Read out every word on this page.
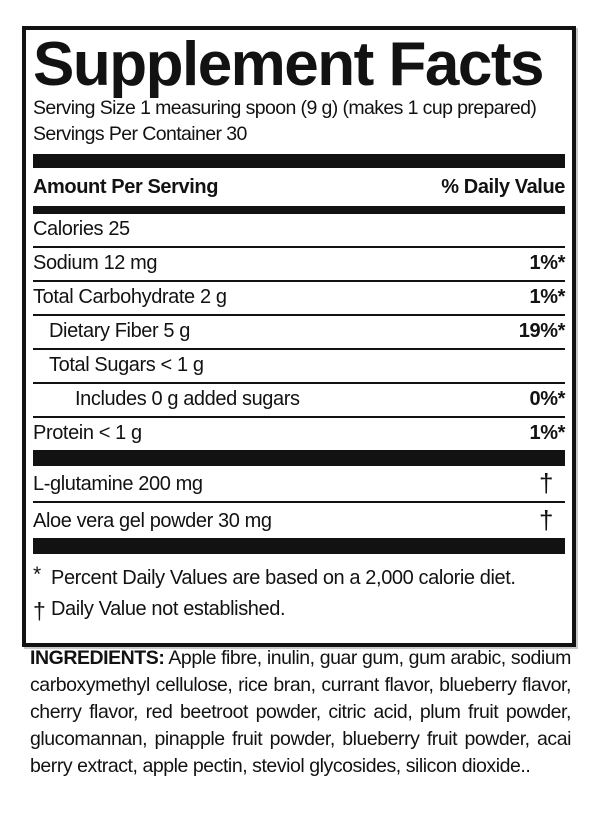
Supplement Facts
Serving Size 1 measuring spoon (9 g) (makes 1 cup prepared)
Servings Per Container 30
Amount Per Serving	% Daily Value
Calories 25
Sodium 12 mg	1%*
Total Carbohydrate 2 g	1%*
Dietary Fiber 5 g	19%*
Total Sugars < 1 g
Includes 0 g added sugars	0%*
Protein < 1 g	1%*
L-glutamine 200 mg	†
Aloe vera gel powder 30 mg	†
* Percent Daily Values are based on a 2,000 calorie diet.
† Daily Value not established.
INGREDIENTS: Apple fibre, inulin, guar gum, gum arabic, sodium carboxymethyl cellulose, rice bran, currant flavor, blueberry flavor, cherry flavor, red beetroot powder, citric acid, plum fruit powder, glucomannan, pinapple fruit powder, blueberry fruit powder, acai berry extract, apple pectin, steviol glycosides, silicon dioxide..
